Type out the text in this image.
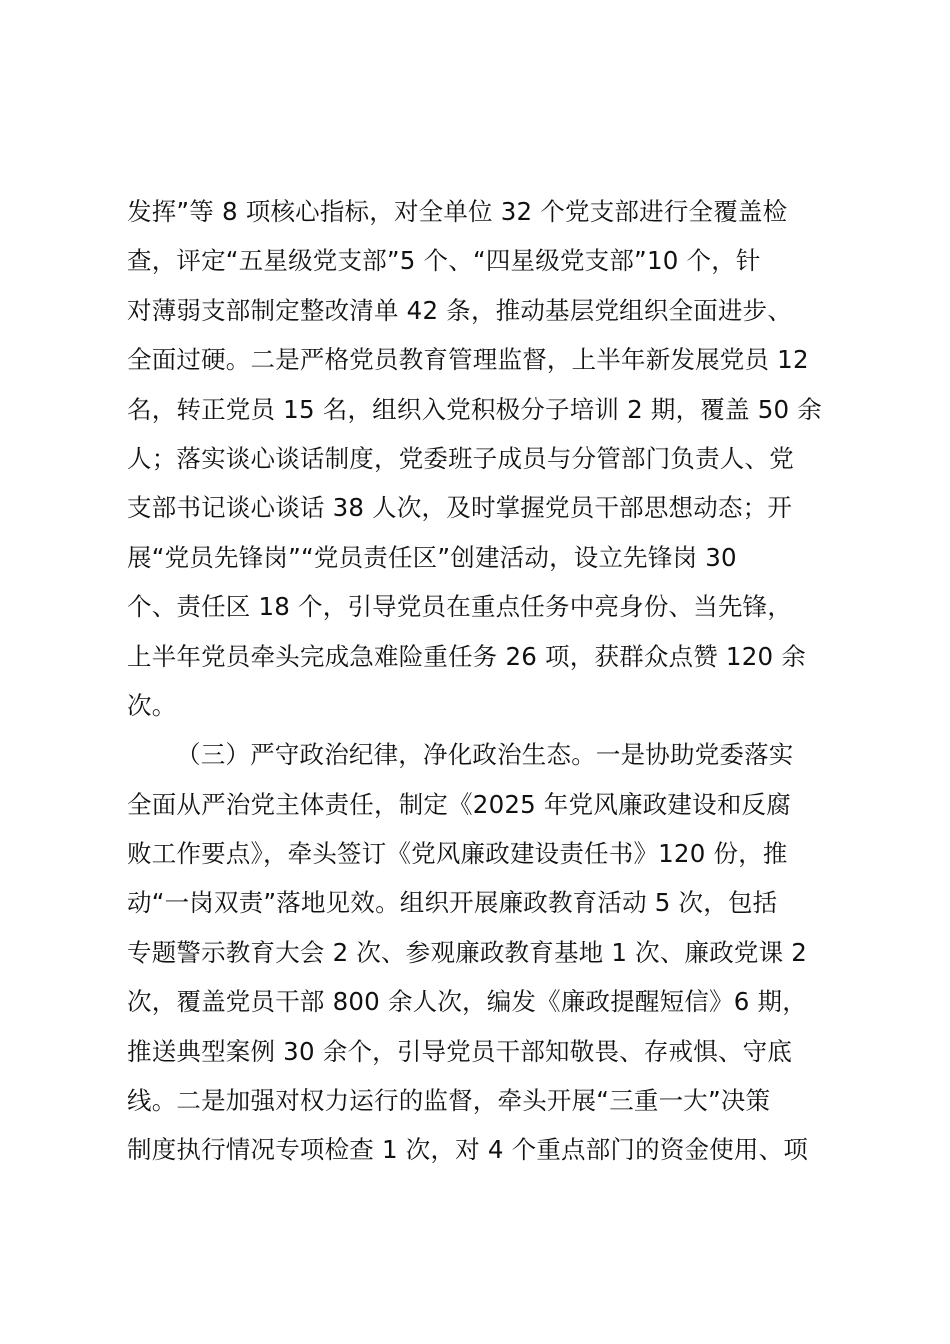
发挥”等 8 项核心指标，对全单位 32 个党支部进行全覆盖检
查，评定“五星级党支部”5 个、“四星级党支部”10 个，针
对薄弱支部制定整改清单 42 条，推动基层党组织全面进步、
全面过硬。二是严格党员教育管理监督，上半年新发展党员 12
名，转正党员 15 名，组织入党积极分子培训 2 期，覆盖 50 余
人；落实谈心谈话制度，党委班子成员与分管部门负责人、党
支部书记谈心谈话 38 人次，及时掌握党员干部思想动态；开
展“党员先锋岗”“党员责任区”创建活动，设立先锋岗 30
个、责任区 18 个，引导党员在重点任务中亮身份、当先锋，
上半年党员牵头完成急难险重任务 26 项，获群众点赞 120 余
次。
（三）严守政治纪律，净化政治生态。一是协助党委落实
全面从严治党主体责任，制定《2025 年党风廉政建设和反腐
败工作要点》，牵头签订《党风廉政建设责任书》120 份，推
动“一岗双责”落地见效。组织开展廉政教育活动 5 次，包括
专题警示教育大会 2 次、参观廉政教育基地 1 次、廉政党课 2
次，覆盖党员干部 800 余人次，编发《廉政提醒短信》6 期，
推送典型案例 30 余个，引导党员干部知敬畏、存戒惧、守底
线。二是加强对权力运行的监督，牵头开展“三重一大”决策
制度执行情况专项检查 1 次，对 4 个重点部门的资金使用、项
